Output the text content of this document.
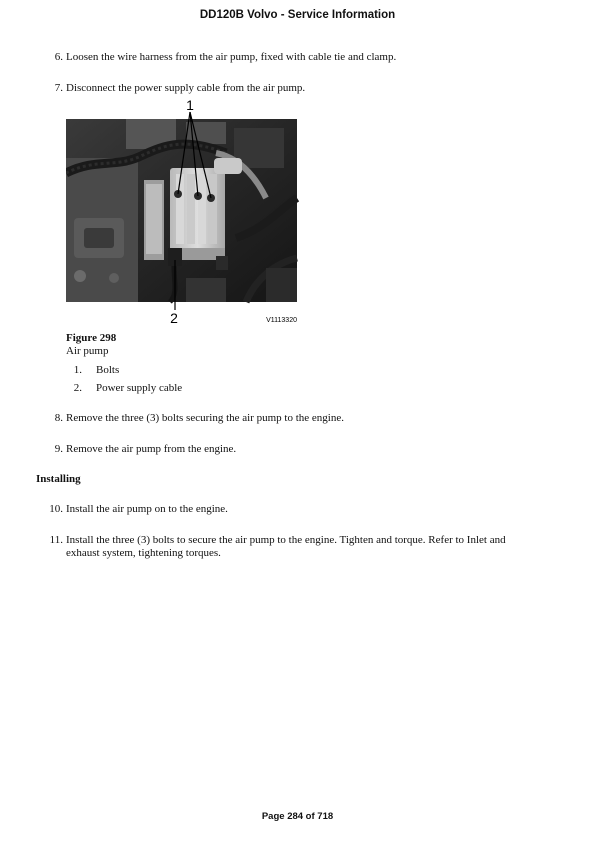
DD120B Volvo - Service Information
6. Loosen the wire harness from the air pump, fixed with cable tie and clamp.
7. Disconnect the power supply cable from the air pump.
1
2	V1113320
Figure 298
Air pump
1. Bolts
2. Power supply cable
8. Remove the three (3) bolts securing the air pump to the engine.
9. Remove the air pump from the engine.
Installing
10. Install the air pump on to the engine.
11. Install the three (3) bolts to secure the air pump to the engine. Tighten and torque. Refer to Inlet and
exhaust system, tightening torques.
Page 284 of 718
